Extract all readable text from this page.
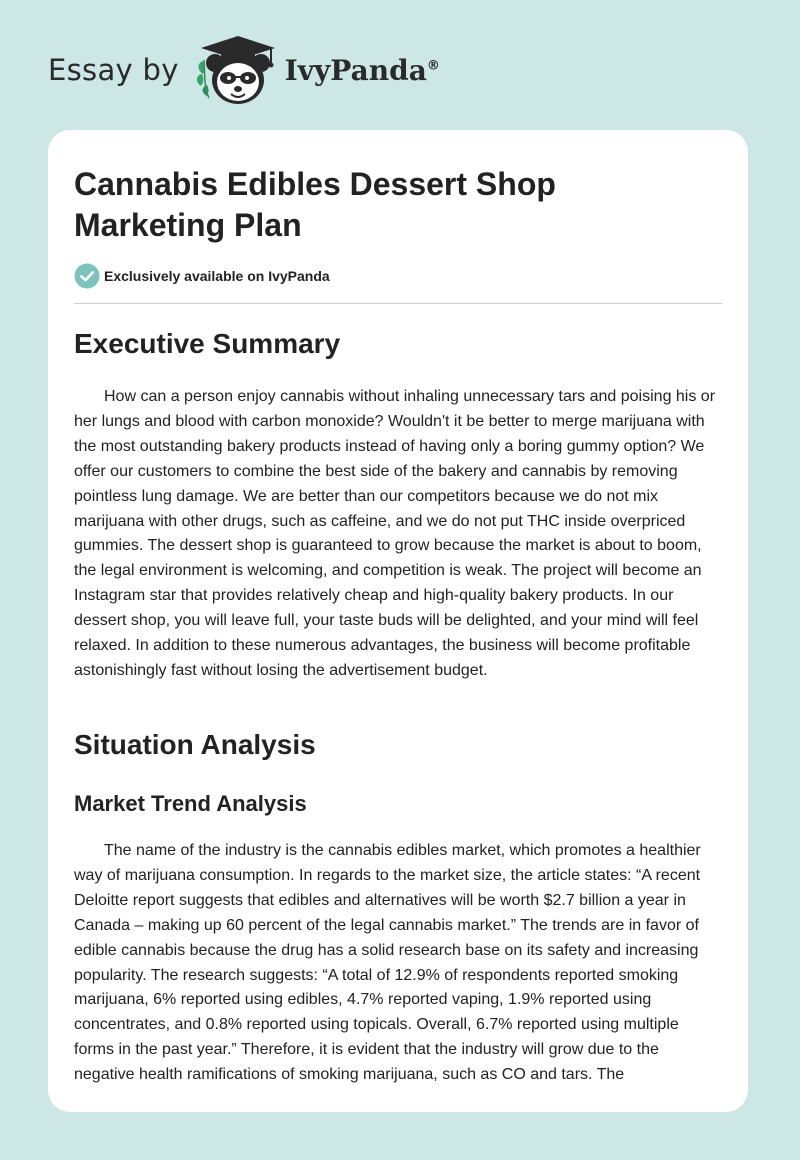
Essay by	IvyPanda®
Cannabis Edibles Dessert Shop Marketing Plan
Exclusively available on IvyPanda
Executive Summary

How can a person enjoy cannabis without inhaling unnecessary tars and poising his or her lungs and blood with carbon monoxide? Wouldn't it be better to merge marijuana with the most outstanding bakery products instead of having only a boring gummy option? We offer our customers to combine the best side of the bakery and cannabis by removing pointless lung damage. We are better than our competitors because we do not mix marijuana with other drugs, such as caffeine, and we do not put THC inside overpriced gummies. The dessert shop is guaranteed to grow because the market is about to boom, the legal environment is welcoming, and competition is weak. The project will become an Instagram star that provides relatively cheap and high-quality bakery products. In our dessert shop, you will leave full, your taste buds will be delighted, and your mind will feel relaxed. In addition to these numerous advantages, the business will become profitable astonishingly fast without losing the advertisement budget.

Situation Analysis
Market Trend Analysis

The name of the industry is the cannabis edibles market, which promotes a healthier way of marijuana consumption. In regards to the market size, the article states: “A recent Deloitte report suggests that edibles and alternatives will be worth $2.7 billion a year in Canada – making up 60 percent of the legal cannabis market.” The trends are in favor of edible cannabis because the drug has a solid research base on its safety and increasing popularity. The research suggests: “A total of 12.9% of respondents reported smoking marijuana, 6% reported using edibles, 4.7% reported vaping, 1.9% reported using concentrates, and 0.8% reported using topicals. Overall, 6.7% reported using multiple forms in the past year.” Therefore, it is evident that the industry will grow due to the negative health ramifications of smoking marijuana, such as CO and tars. The
